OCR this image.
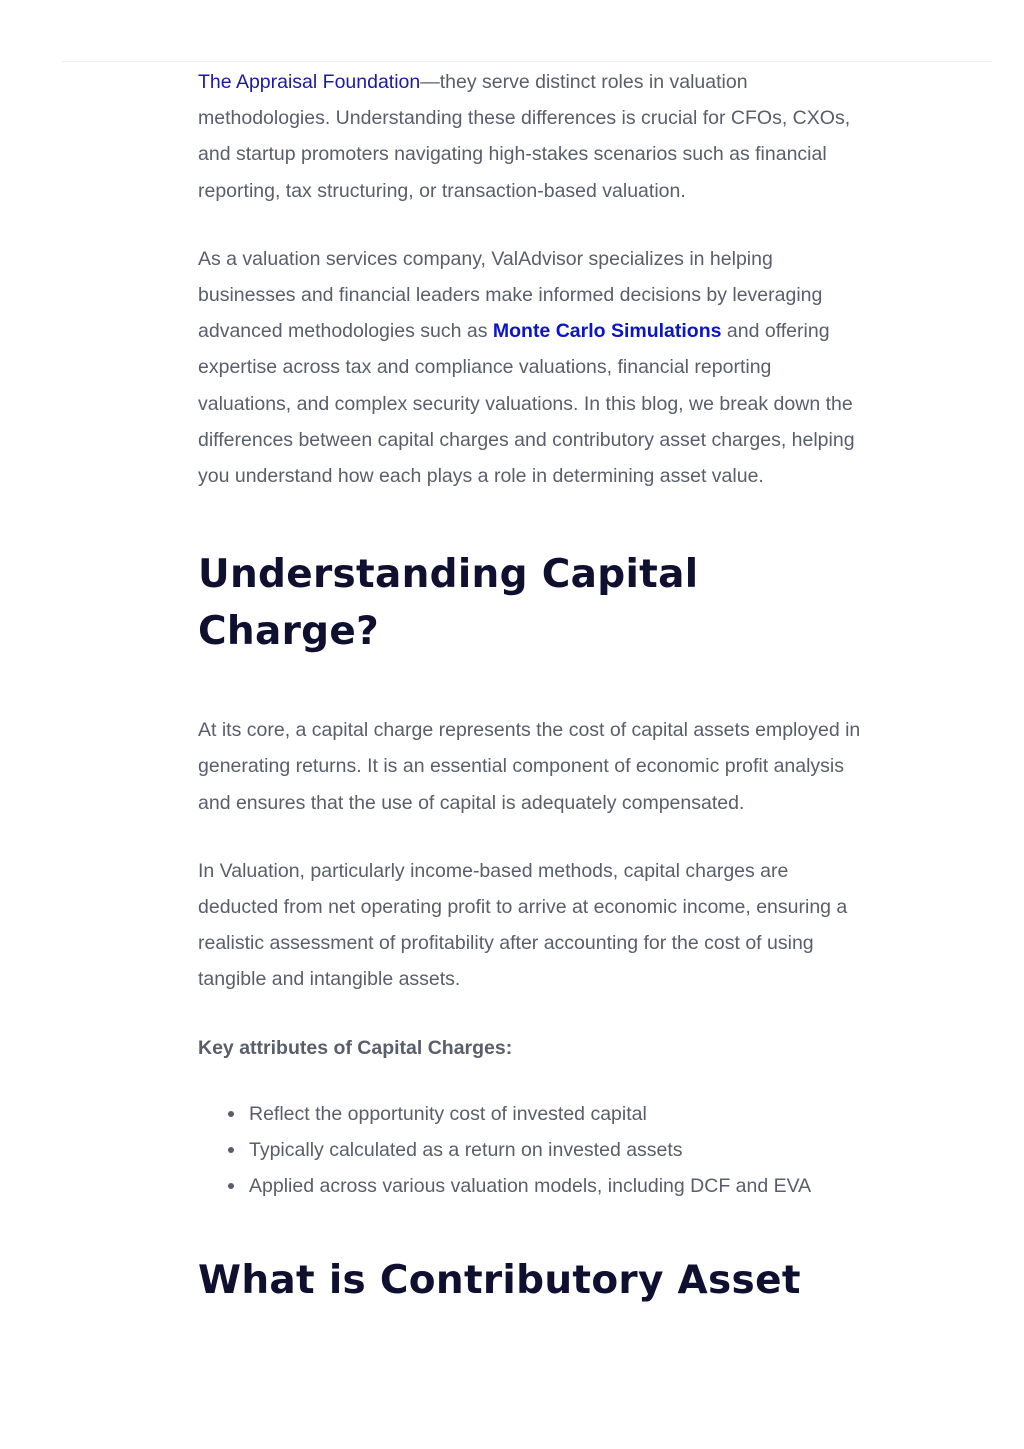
The Appraisal Foundation—they serve distinct roles in valuation methodologies. Understanding these differences is crucial for CFOs, CXOs, and startup promoters navigating high-stakes scenarios such as financial reporting, tax structuring, or transaction-based valuation.

As a valuation services company, ValAdvisor specializes in helping businesses and financial leaders make informed decisions by leveraging advanced methodologies such as Monte Carlo Simulations and offering expertise across tax and compliance valuations, financial reporting valuations, and complex security valuations. In this blog, we break down the differences between capital charges and contributory asset charges, helping you understand how each plays a role in determining asset value.

Understanding Capital
Charge?

At its core, a capital charge represents the cost of capital assets employed in generating returns. It is an essential component of economic profit analysis and ensures that the use of capital is adequately compensated.

In Valuation, particularly income-based methods, capital charges are deducted from net operating profit to arrive at economic income, ensuring a realistic assessment of profitability after accounting for the cost of using tangible and intangible assets.

Key attributes of Capital Charges:

Reflect the opportunity cost of invested capital
Typically calculated as a return on invested assets
Applied across various valuation models, including DCF and EVA
What is Contributory Asset
